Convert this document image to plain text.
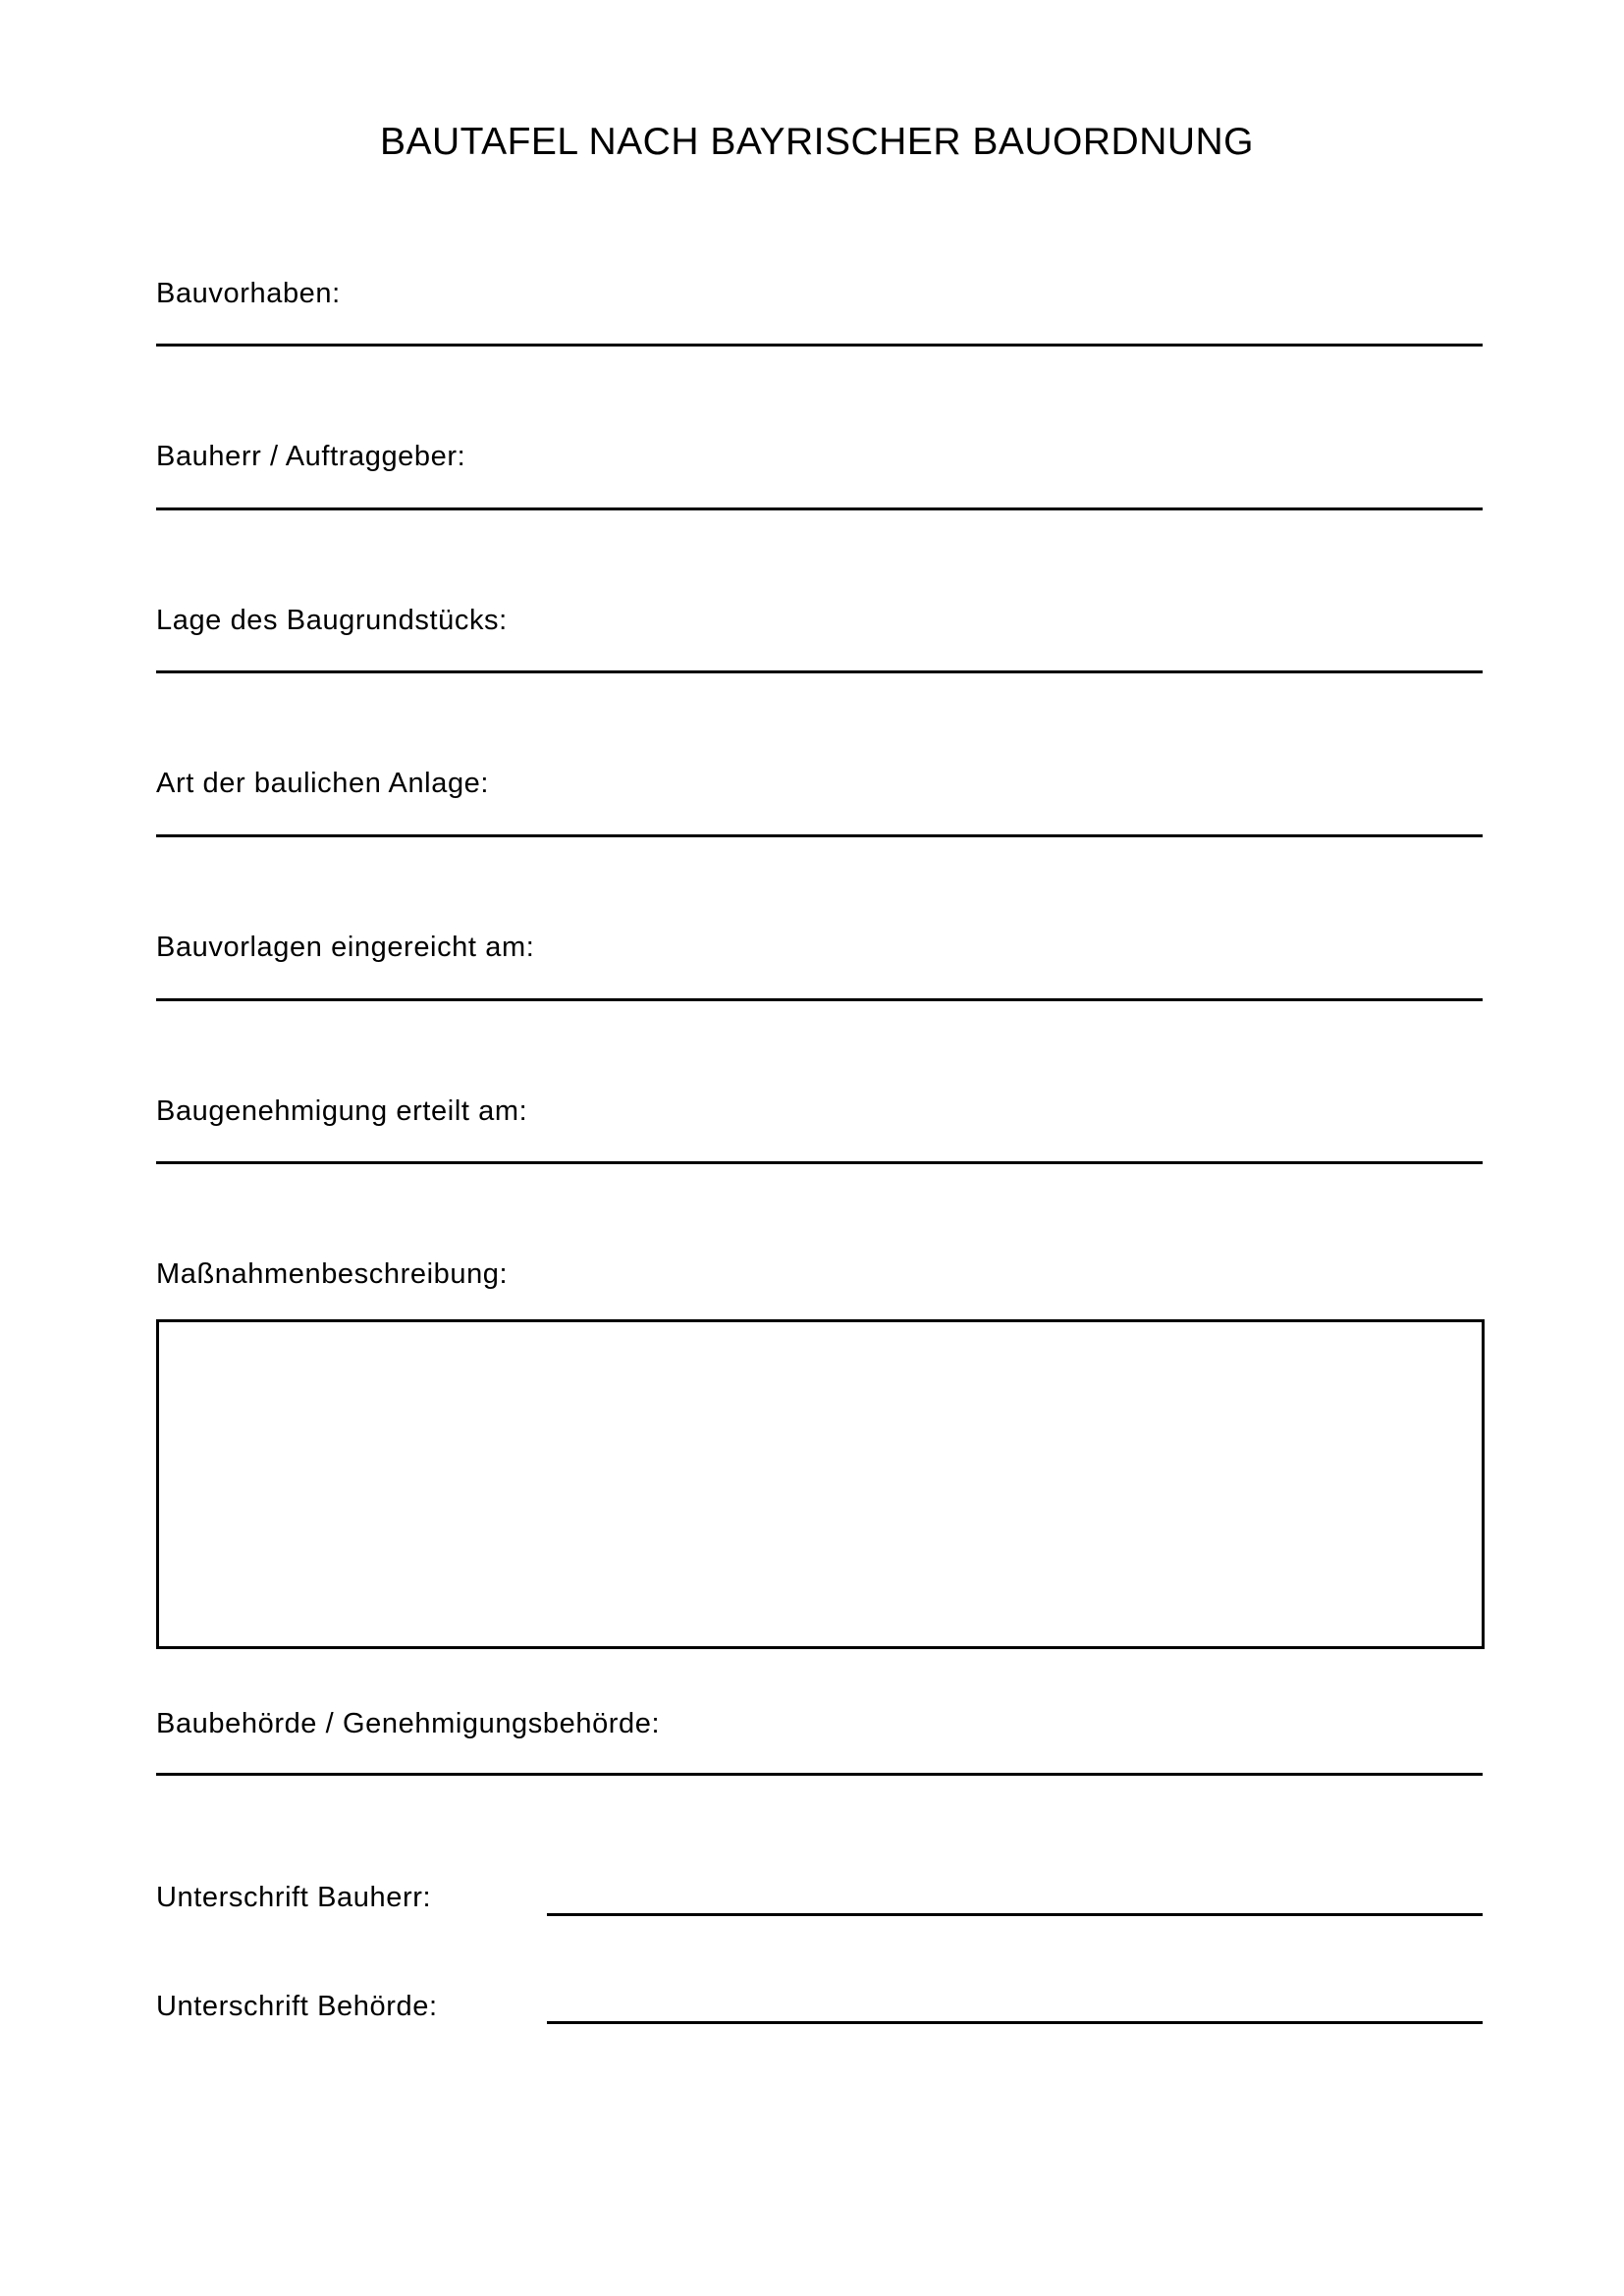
BAUTAFEL NACH BAYRISCHER BAUORDNUNG
Bauvorhaben:
Bauherr / Auftraggeber:
Lage des Baugrundstücks:
Art der baulichen Anlage:
Bauvorlagen eingereicht am:
Baugenehmigung erteilt am:
Maßnahmenbeschreibung:
Baubehörde / Genehmigungsbehörde:
Unterschrift Bauherr:
Unterschrift Behörde:
